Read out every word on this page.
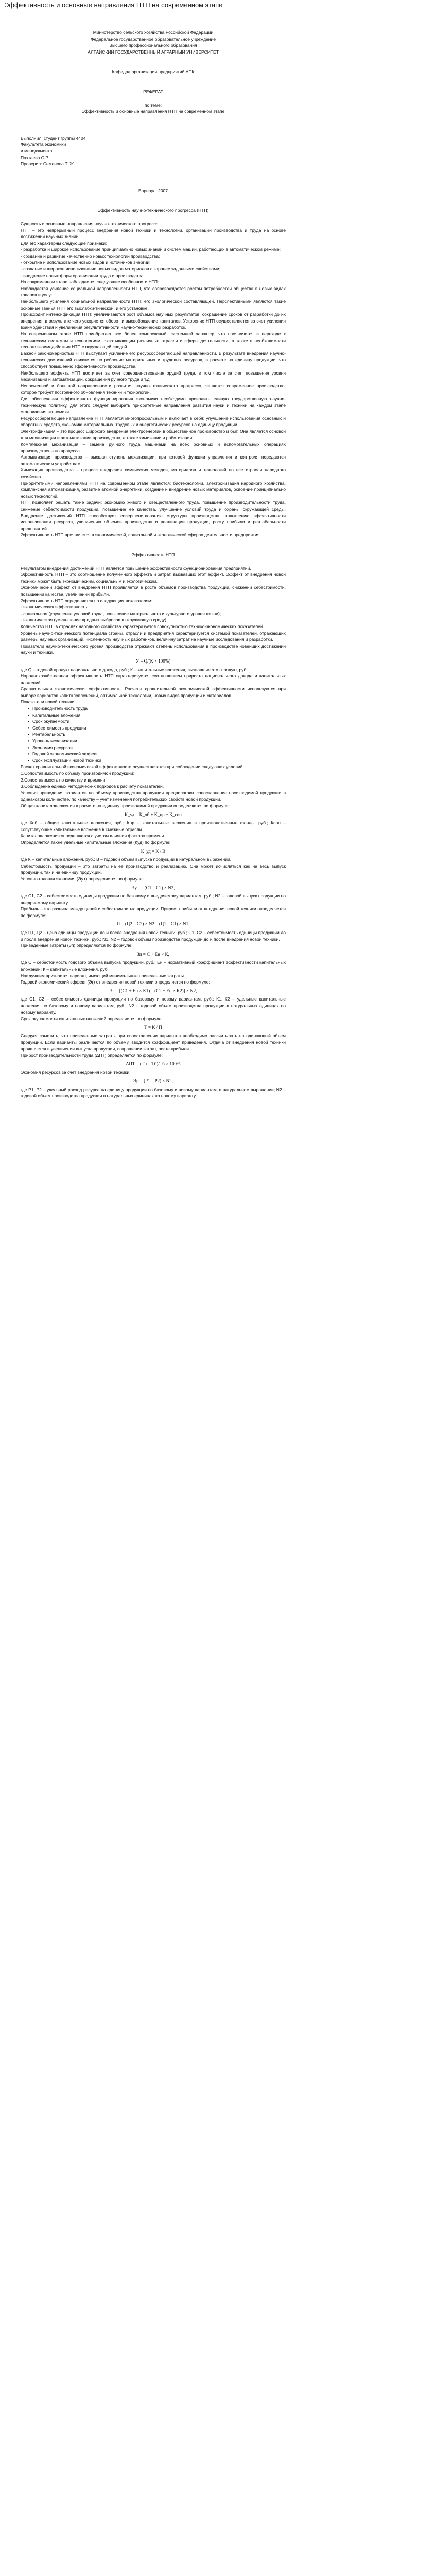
Эффективность и основные направления НТП на современном этапе

Министерство сельского хозяйства Российской Федерации

Федеральное государственное образовательное учреждение

Высшего профессионального образования

АЛТАЙСКИЙ ГОСУДАРСТВЕННЫЙ АГРАРНЫЙ УНИВЕРСИТЕТ

Кафедра организации предприятий АПК

РЕФЕРАТ

по теме:

Эффективность и основные направления НТП на современном этапе

Выполнил: студент группы 4404

Факультета экономики

и менеджмента

Пахтаева С.Р.

Проверил: Семенова Т. Ж.

Барнаул, 2007

Эффективность научно-технического прогресса (НТП)

Сущность и основные направления научно-технического прогресса

НТП – это непрерывный процесс внедрения новой техники и технологии, организации производства и труда на основе достижений научных знаний.

Для его характерны следующие признаки:

- разработка и широкое использование принципиально новых знаний и систем машин, работающих в автоматическом режиме;

- создание и развитие качественно новых технологий производства;

- открытие и использование новых видов и источников энергии;

- создание и широкое использование новых видов материалов с заранее заданными свойствами;

- внедрение новых форм организации труда и производства.

На современном этапе наблюдается следующие особенности НТП:

Наблюдается усиление социальной направленности НТП, что сопровождается ростом потребностей общества в новых видах товаров и услуг.

Наибольшего усиления социальной направленности НТП, его экологической составляющей, Перспективными являются такие основные звенья НТП его выслабки-тической, и его установке.

Происходит интенсификация НТП: увеличиваются рост объемов научных результатов, сокращение сроков от разработки до их внедрения, в результате чего ускоряется оборот и высвобождение капиталов. Ускорение НТП осуществляется за счет усиления взаимодействия и увеличения результативности научно-технических разработок.

На современном этапе НТП приобретает все более комплексный, системный характер, что проявляется в переходе к техническим системам и технологиям, охватывающим различные отрасли и сферы деятельности, а также в необходимости тесного взаимодействия НТП с окружающей средой.

Важной закономерностью НТП выступает усиление его ресурсосберегающей направленности. В результате внедрения научно-технических достижений снижается потребление материальных и трудовых ресурсов, в расчете на единицу продукции, что способствует повышению эффективности производства.

Наибольшего эффекта НТП достигает за счет совершенствования орудий труда, в том числе за счет повышения уровня механизации и автоматизации, сокращения ручного труда и т.д.

Непременной и большой направленности развития научно-технического прогресса, является современное производство, которое требует постоянного обновления техники и технологии.

Для обеспечения эффективного функционирования экономики необходимо проводить единую государственную научно-техническую политику, для этого следует выбирать приоритетные направления развития науки и техники на каждом этапе становления экономики.

Ресурсосберегающее направление НТП является многопрофильным и включает в себя: улучшение использования основных и оборотных средств, экономию материальных, трудовых и энергетических ресурсов на единицу продукции.

Электрификация – это процесс широкого внедрения электроэнергии в общественное производство и быт. Она является основой для механизации и автоматизации производства, а также химизации и роботизации.

Комплексная механизация – замена ручного труда машинами на всех основных и вспомогательных операциях производственного процесса.

Автоматизация производства – высшая ступень механизации, при которой функции управления и контроля передаются автоматическим устройствам.

Химизация производства – процесс внедрения химических методов, материалов и технологий во все отрасли народного хозяйства.

Приоритетными направлениями НТП на современном этапе являются: биотехнологии, электронизация народного хозяйства, комплексная автоматизация, развитие атомной энергетики, создание и внедрение новых материалов, освоение принципиально новых технологий.

НТП позволяет решать такие задачи: экономию живого и овеществленного труда, повышение производительности труда, снижение себестоимости продукции, повышение ее качества, улучшение условий труда и охраны окружающей среды. Внедрение достижений НТП способствует совершенствованию структуры производства, повышению эффективности использования ресурсов, увеличению объемов производства и реализации продукции, росту прибыли и рентабельности предприятий.

Эффективность НТП проявляется в экономической, социальной и экологической сферах деятельности предприятия.

Эффективность НТП

Результатом внедрения достижений НТП является повышение эффективности функционирования предприятий.

Эффективность НТП – это соотношение полученного эффекта и затрат, вызвавших этот эффект. Эффект от внедрения новой техники может быть экономическим, социальным и экологическим.

Экономический эффект от внедрения НТП проявляется в росте объемов производства продукции, снижении себестоимости, повышении качества, увеличении прибыли.

Эффективность НТП определяется по следующим показателям:

- экономическая эффективность;

- социальная (улучшение условий труда, повышение материального и культурного уровня жизни);

- экологическая (уменьшение вредных выбросов в окружающую среду).

Количество НТП в отраслях народного хозяйства характеризуется совокупностью технико-экономических показателей.

Уровень научно-технического потенциала страны, отрасли и предприятия характеризуется системой показателей, отражающих размеры научных организаций, численность научных работников, величину затрат на научные исследования и разработки.

Показатели научно-технического уровня производства отражают степень использования в производстве новейших достижений науки и техники.

У = Q/(К × 100%)

где Q – годовой продукт национального дохода, руб.; К – капитальные вложения, вызвавшие этот продукт, руб.

Народнохозяйственная эффективность НТП характеризуется соотношением прироста национального дохода и капитальных вложений.

Сравнительная экономическая эффективность. Расчеты сравнительной экономической эффективности используются при выборе вариантов капиталовложений, оптимальной технологии, новых видов продукции и материалов.

Показатели новой техники:

• Производительность труда
• Капитальные вложения
• Срок окупаемости
• Себестоимость продукции
• Рентабельность
• Уровень механизации
• Экономия ресурсов
• Годовой экономический эффект
• Срок эксплуатации новой техники

Расчет сравнительной экономической эффективности осуществляется при соблюдении следующих условий:

1.Сопоставимость по объему производимой продукции;

2.Сопоставимость по качеству и времени;

3.Соблюдение единых методических подходов к расчету показателей.

Условия приведения вариантов по объему производства продукции предполагают сопоставление производимой продукции в одинаковом количестве, по качеству – учет изменения потребительских свойств новой продукции.

Общая капиталовложения в расчете на единицу производимой продукции определяются по формуле:

К_уд = К_об + К_пр + К_соп

где Коб – общие капитальные вложения, руб.; Кпр – капитальные вложения в производственные фонды, руб.; Ксоп – сопутствующие капитальные вложения в смежные отрасли.

Капиталовложения определяются с учетом влияния фактора времени.

Определяется также удельные капитальные вложения (Куд) по формуле:

К_уд = К / В

где К – капитальные вложения, руб.; В – годовой объем выпуска продукции в натуральном выражении.

Себестоимость продукции – это затраты на ее производство и реализацию. Она может исчисляться как на весь выпуск продукции, так и на единицу продукции.

Условно-годовая экономия (Эу.г) определяется по формуле:

Эу.г = (С1 – С2) × N2,

где С1, С2 – себестоимость единицы продукции по базовому и внедряемому вариантам, руб.; N2 – годовой выпуск продукции по внедряемому варианту.

Прибыль – это разница между ценой и себестоимостью продукции. Прирост прибыли от внедрения новой техники определяется по формуле:

П = (Ц2 – С2) × N2 – (Ц1 – С1) × N1,

где Ц1, Ц2 – цена единицы продукции до и после внедрения новой техники, руб.; С1, С2 – себестоимость единицы продукции до и после внедрения новой техники, руб.; N1, N2 – годовой объем производства продукции до и после внедрения новой техники.

Приведенные затраты (Зп) определяются по формуле:

Зп = С + Ен × К,

где С – себестоимость годового объема выпуска продукции, руб.; Ен – нормативный коэффициент эффективности капитальных вложений; К – капитальные вложения, руб.

Наилучшим признается вариант, имеющий минимальные приведенные затраты.

Годовой экономический эффект (Эг) от внедрения новой техники определяется по формуле:

Эг = [(С1 + Ен × К1) – (С2 + Ен × К2)] × N2,

где С1, С2 – себестоимость единицы продукции по базовому и новому вариантам, руб.; К1, К2 – удельные капитальные вложения по базовому и новому вариантам, руб.; N2 – годовой объем производства продукции в натуральных единицах по новому варианту.

Срок окупаемости капитальных вложений определяется по формуле:

Т = К / П

Следует заметить, что приведенные затраты при сопоставлении вариантов необходимо рассчитывать на одинаковый объем продукции. Если варианты различаются по объему, вводится коэффициент приведения. Отдача от внедрения новой техники проявляется в увеличении выпуска продукции, сокращении затрат, росте прибыли.

Прирост производительности труда (ΔПТ) определяется по формуле:

ΔПТ = (Тн – Тб)/Тб × 100%

Экономия ресурсов за счет внедрения новой техники:

Эр = (Р1 – Р2) × N2,

где Р1, Р2 – удельный расход ресурса на единицу продукции по базовому и новому вариантам, в натуральном выражении; N2 – годовой объем производства продукции в натуральных единицах по новому варианту.
